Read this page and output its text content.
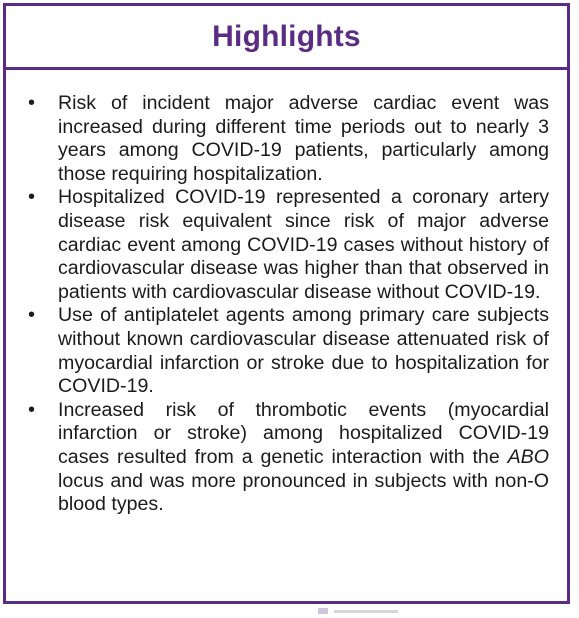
Highlights
•	Risk of incident major adverse cardiac event was increased during different time periods out to nearly 3 years among COVID-19 patients, particularly among those requiring hospitalization.
•	Hospitalized COVID-19 represented a coronary artery disease risk equivalent since risk of major adverse cardiac event among COVID-19 cases without history of cardiovascular disease was higher than that observed in patients with cardiovascular disease without COVID-19.
•	Use of antiplatelet agents among primary care subjects without known cardiovascular disease attenuated risk of myocardial infarction or stroke due to hospitalization for COVID-19.
•	Increased risk of thrombotic events (myocardial infarction or stroke) among hospitalized COVID-19 cases resulted from a genetic interaction with the ABO locus and was more pronounced in subjects with non-O blood types.
